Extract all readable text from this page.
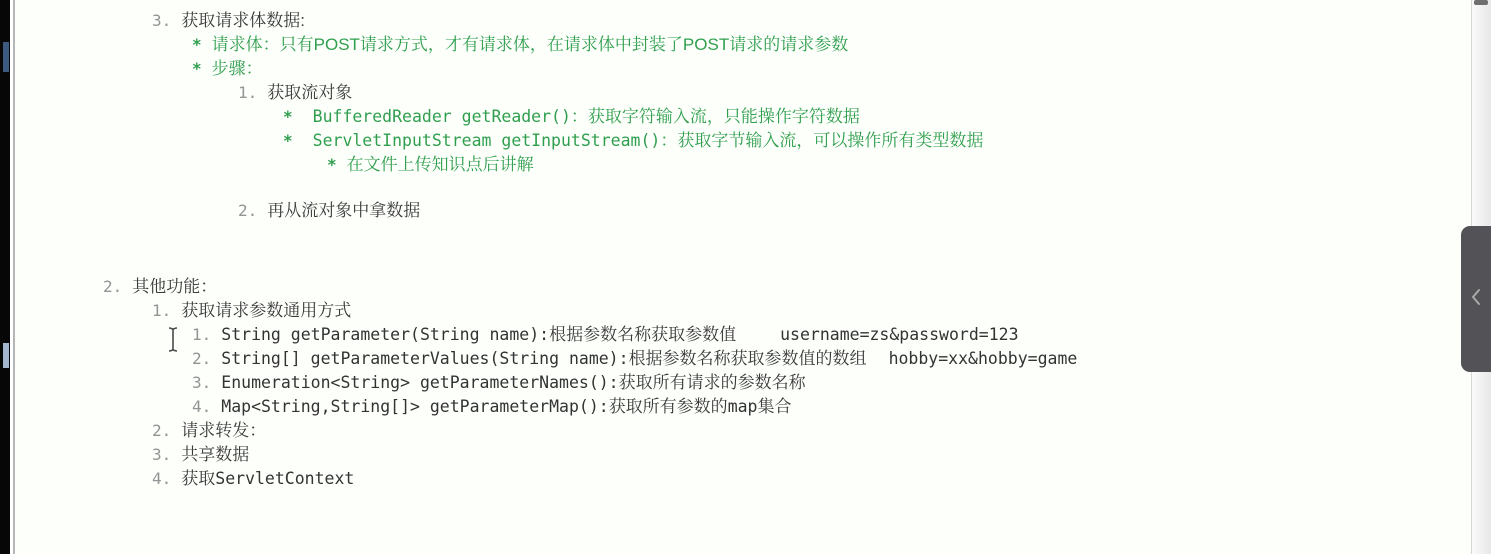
3. 获取请求体数据:
* 请求体：只有POST请求方式，才有请求体，在请求体中封装了POST请求的请求参数
* 步骤：
1. 获取流对象
* BufferedReader getReader()：获取字符输入流，只能操作字符数据
* ServletInputStream getInputStream()：获取字节输入流，可以操作所有类型数据
* 在文件上传知识点后讲解
2. 再从流对象中拿数据
2. 其他功能：
1. 获取请求参数通用方式
1. String getParameter(String name):根据参数名称获取参数值	username=zs&password=123
2. String[] getParameterValues(String name):根据参数名称获取参数值的数组 hobby=xx&hobby=game
3. Enumeration<String> getParameterNames():获取所有请求的参数名称
4. Map<String,String[]> getParameterMap():获取所有参数的map集合
2. 请求转发：
3. 共享数据
4. 获取ServletContext
